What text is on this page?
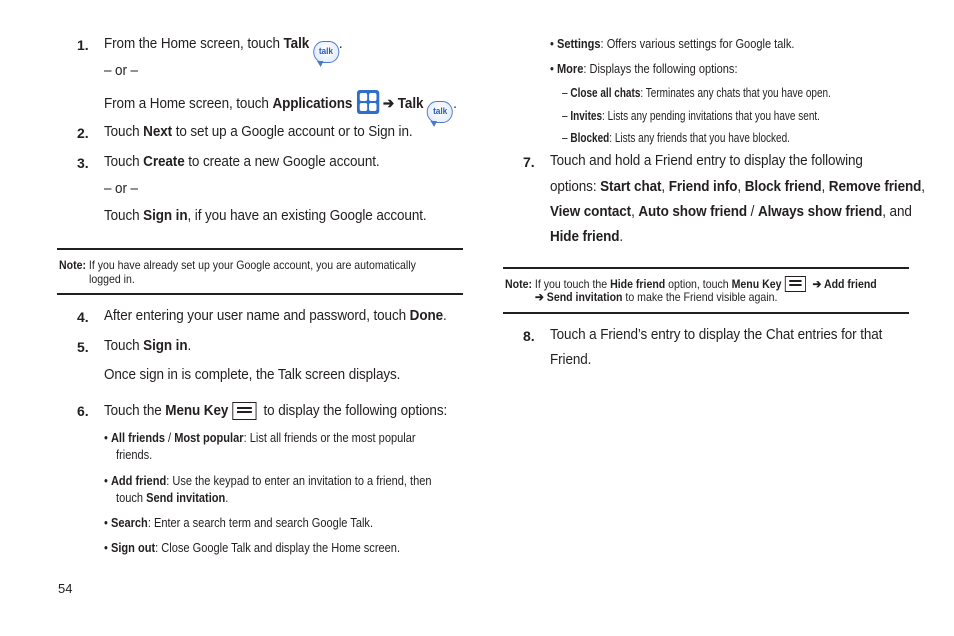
1. From the Home screen, touch Talk talk .
– or –
From a Home screen, touch Applications
➔ Talk talk .
2. Touch Next to set up a Google account or to Sign in.
3. Touch Create to create a new Google account.
– or –
Touch Sign in, if you have an existing Google account.
Note: If you have already set up your Google account, you are automatically
logged in.
4. After entering your user name and password, touch Done.
5. Touch Sign in.
Once sign in is complete, the Talk screen displays.
6. Touch the Menu Key
to display the following options:
• All friends / Most popular: List all friends or the most popular
friends.
• Add friend: Use the keypad to enter an invitation to a friend, then
touch Send invitation.
• Search: Enter a search term and search Google Talk.
• Sign out: Close Google Talk and display the Home screen.
54
• Settings: Offers various settings for Google talk.
• More: Displays the following options:
– Close all chats: Terminates any chats that you have open.
– Invites: Lists any pending invitations that you have sent.
– Blocked: Lists any friends that you have blocked.
7. Touch and hold a Friend entry to display the following
options: Start chat, Friend info, Block friend, Remove friend,
View contact, Auto show friend / Always show friend, and
Hide friend.
Note: If you touch the Hide friend option, touch Menu Key
➔ Add friend
➔ Send invitation to make the Friend visible again.
8. Touch a Friend’s entry to display the Chat entries for that
Friend.
